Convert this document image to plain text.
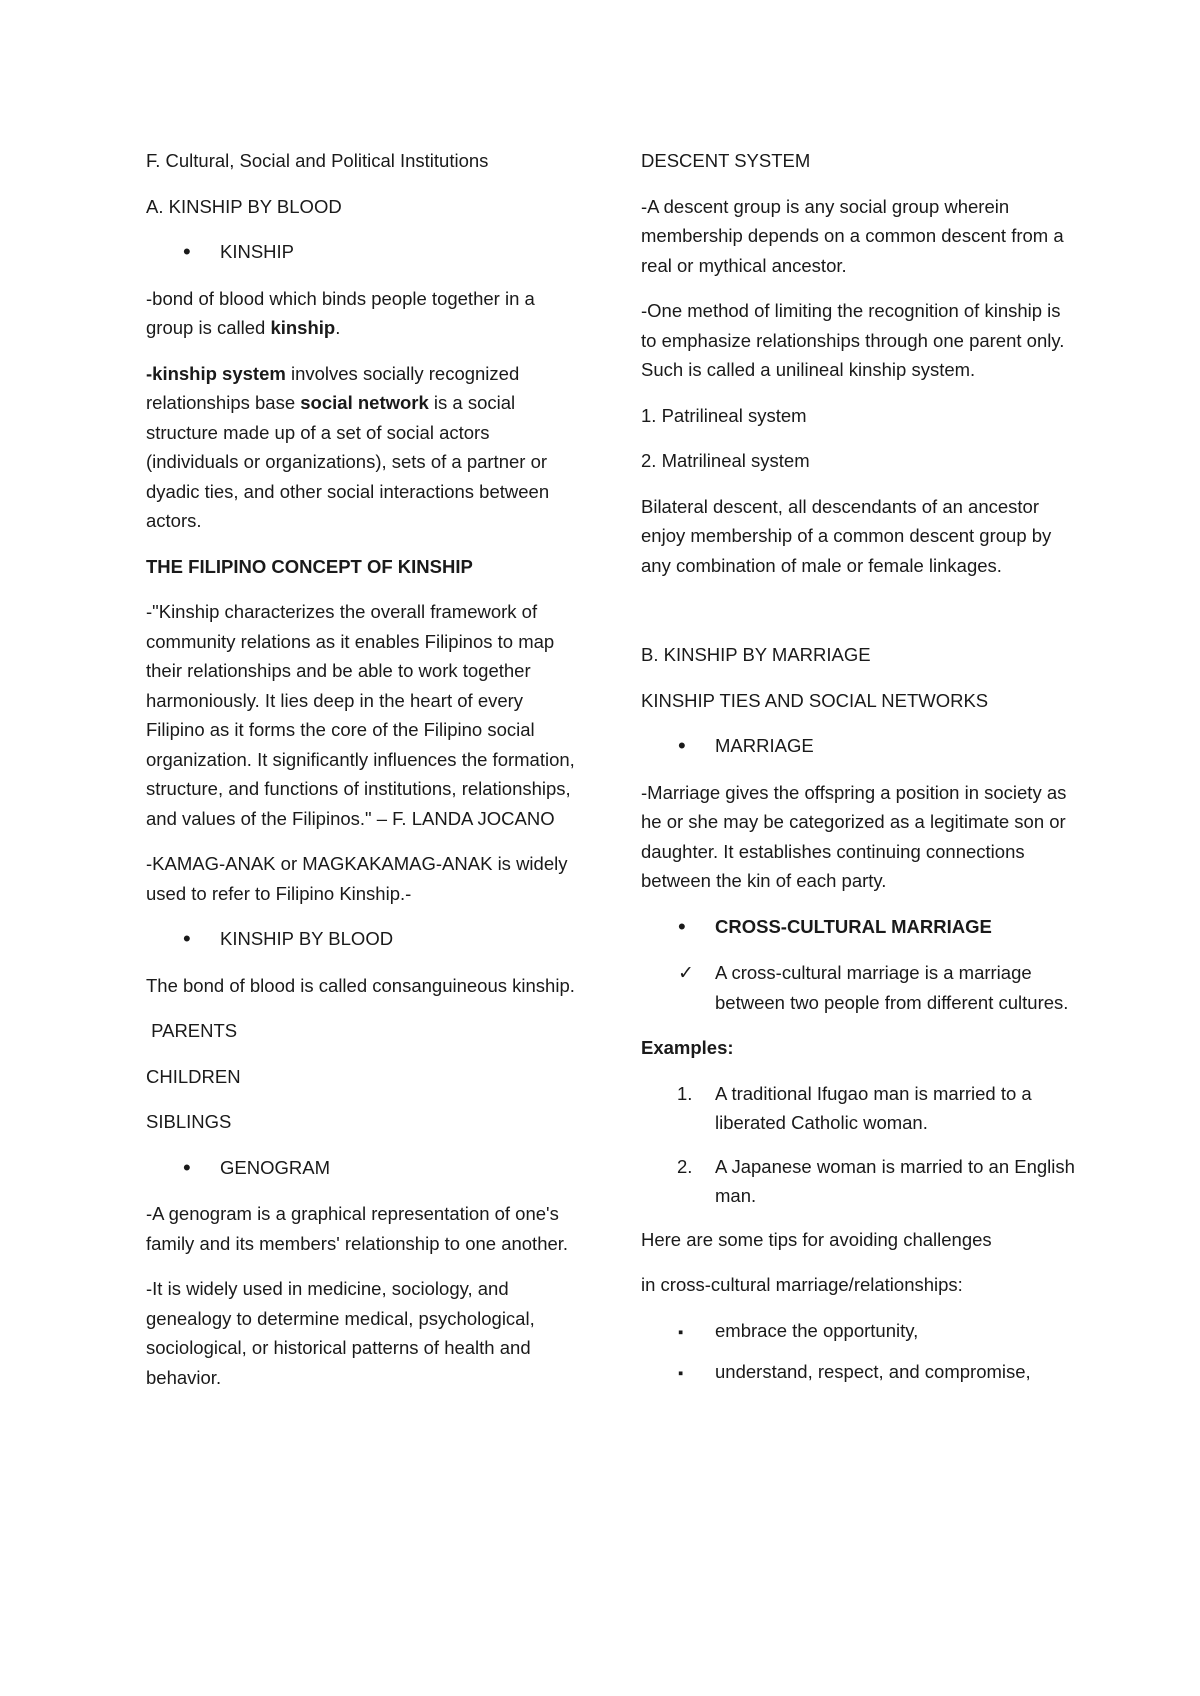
F. Cultural, Social and Political Institutions

A. KINSHIP BY BLOOD

•
KINSHIP

-bond of blood which binds people together in a group is called kinship.

-kinship system involves socially recognized relationships base social network is a social structure made up of a set of social actors (individuals or organizations), sets of a partner or dyadic ties, and other social interactions between actors.

THE FILIPINO CONCEPT OF KINSHIP

-"Kinship characterizes the overall framework of community relations as it enables Filipinos to map their relationships and be able to work together harmoniously. It lies deep in the heart of every Filipino as it forms the core of the Filipino social organization. It significantly influences the formation, structure, and functions of institutions, relationships, and values of the Filipinos." – F. LANDA JOCANO

-KAMAG-ANAK or MAGKAKAMAG-ANAK is widely used to refer to Filipino Kinship.-

•
KINSHIP BY BLOOD

The bond of blood is called consanguineous kinship.

PARENTS

CHILDREN

SIBLINGS

•
GENOGRAM

-A genogram is a graphical representation of one's family and its members' relationship to one another.

-It is widely used in medicine, sociology, and genealogy to determine medical, psychological, sociological, or historical patterns of health and behavior.

DESCENT SYSTEM

-A descent group is any social group wherein membership depends on a common descent from a real or mythical ancestor.

-One method of limiting the recognition of kinship is to emphasize relationships through one parent only. Such is called a unilineal kinship system.

1. Patrilineal system

2. Matrilineal system

Bilateral descent, all descendants of an ancestor enjoy membership of a common descent group by any combination of male or female linkages.

B. KINSHIP BY MARRIAGE

KINSHIP TIES AND SOCIAL NETWORKS

•
MARRIAGE

-Marriage gives the offspring a position in society as he or she may be categorized as a legitimate son or daughter. It establishes continuing connections between the kin of each party.

•
CROSS-CULTURAL MARRIAGE
✓
A cross-cultural marriage is a marriage between two people from different cultures.

Examples:

1.	A traditional Ifugao man is married to a liberated Catholic woman.
2.	A Japanese woman is married to an English man.

Here are some tips for avoiding challenges

in cross-cultural marriage/relationships:

▪
embrace the opportunity,
▪
understand, respect, and compromise,
